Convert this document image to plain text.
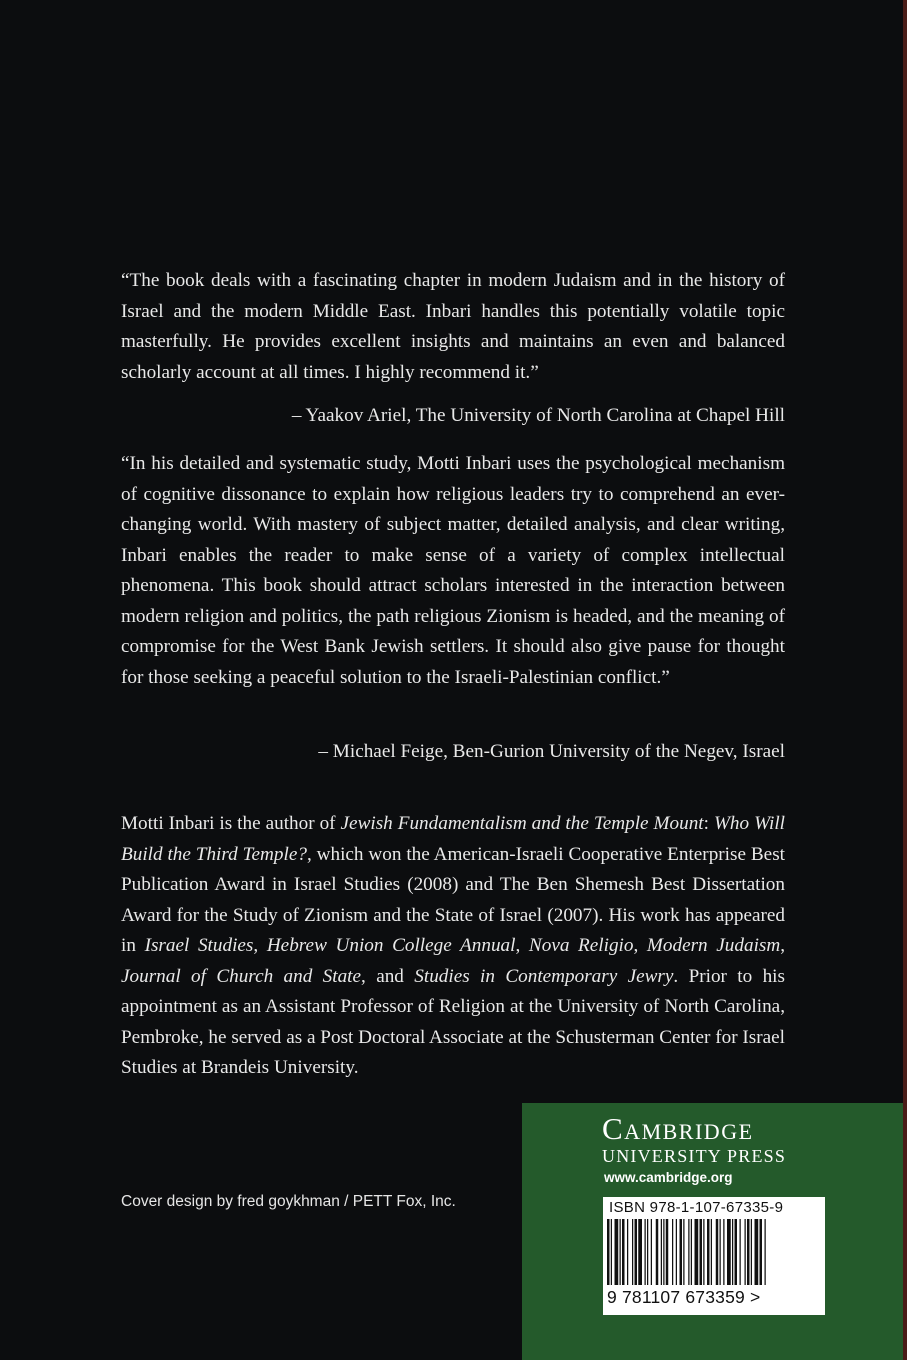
“The book deals with a fascinating chapter in modern Judaism and in the history of Israel and the modern Middle East. Inbari handles this potentially volatile topic masterfully. He provides excellent insights and maintains an even and balanced scholarly account at all times. I highly recommend it.”

– Yaakov Ariel, The University of North Carolina at Chapel Hill

“In his detailed and systematic study, Motti Inbari uses the psychological mechanism of cognitive dissonance to explain how religious leaders try to comprehend an ever-changing world. With mastery of subject matter, detailed analysis, and clear writing, Inbari enables the reader to make sense of a variety of complex intellectual phenomena. This book should attract scholars interested in the interaction between modern religion and politics, the path religious Zionism is headed, and the meaning of compromise for the West Bank Jewish settlers. It should also give pause for thought for those seeking a peaceful solution to the Israeli-Palestinian conflict.”

– Michael Feige, Ben-Gurion University of the Negev, Israel

Motti Inbari is the author of Jewish Fundamentalism and the Temple Mount: Who Will Build the Third Temple?, which won the American-Israeli Cooperative Enterprise Best Publication Award in Israel Studies (2008) and The Ben Shemesh Best Dissertation Award for the Study of Zionism and the State of Israel (2007). His work has appeared in Israel Studies, Hebrew Union College Annual, Nova Religio, Modern Judaism, Journal of Church and State, and Studies in Contemporary Jewry. Prior to his appointment as an Assistant Professor of Religion at the University of North Carolina, Pembroke, he served as a Post Doctoral Associate at the Schusterman Center for Israel Studies at Brandeis University.

Cover design by fred goykhman / PETT Fox, Inc.
Cambridge
UNIVERSITY PRESS
www.cambridge.org
ISBN 978-1-107-67335-9
9 781107 673359 >
